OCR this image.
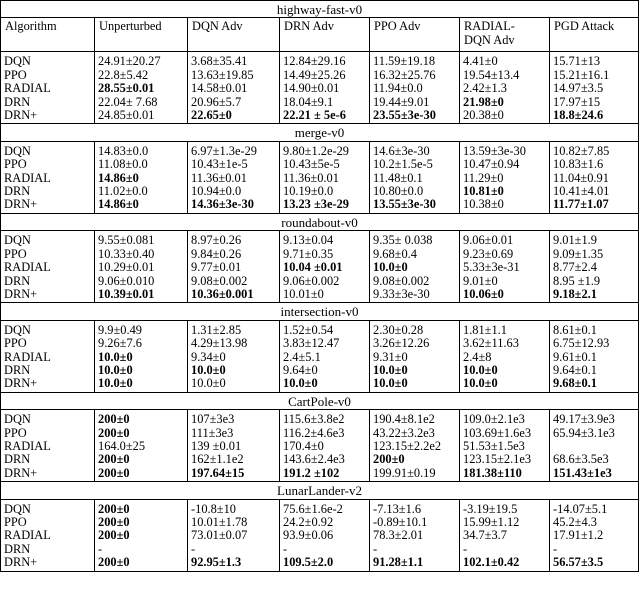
highway-fast-v0						
Algorithm	Unperturbed	DQN Adv	DRN Adv	PPO Adv	RADIAL-
DQN Adv	PGD Attack
DQN	24.91±20.27	3.68±35.41	12.84±29.16	11.59±19.18	4.41±0	15.71±13
PPO	22.8±5.42	13.63±19.85	14.49±25.26	16.32±25.76	19.54±13.4	15.21±16.1
RADIAL	28.55±0.01	14.58±0.01	14.90±0.01	11.94±0.0	2.42±1.3	14.97±3.5
DRN	22.04± 7.68	20.96±5.7	18.04±9.1	19.44±9.01	21.98±0	17.97±15
DRN+	24.85±0.01	22.65±0	22.21 ± 5e-6	23.55±3e-30	20.38±0	18.8±24.6
merge-v0						
DQN	14.83±0.0	6.97±1.3e-29	9.80±1.2e-29	14.6±3e-30	13.59±3e-30	10.82±7.85
PPO	11.08±0.0	10.43±1e-5	10.43±5e-5	10.2±1.5e-5	10.47±0.94	10.83±1.6
RADIAL	14.86±0	11.36±0.01	11.36±0.01	11.48±0.1	11.29±0	11.04±0.91
DRN	11.02±0.0	10.94±0.0	10.19±0.0	10.80±0.0	10.81±0	10.41±4.01
DRN+	14.86±0	14.36±3e-30	13.23 ±3e-29	13.55±3e-30	10.38±0	11.77±1.07
roundabout-v0						
DQN	9.55±0.081	8.97±0.26	9.13±0.04	9.35± 0.038	9.06±0.01	9.01±1.9
PPO	10.33±0.40	9.84±0.26	9.71±0.35	9.68±0.4	9.23±0.69	9.09±1.35
RADIAL	10.29±0.01	9.77±0.01	10.04 ±0.01	10.0±0	5.33±3e-31	8.77±2.4
DRN	9.06±0.010	9.08±0.002	9.06±0.002	9.08±0.002	9.01±0	8.95 ±1.9
DRN+	10.39±0.01	10.36±0.001	10.01±0	9.33±3e-30	10.06±0	9.18±2.1
intersection-v0						
DQN	9.9±0.49	1.31±2.85	1.52±0.54	2.30±0.28	1.81±1.1	8.61±0.1
PPO	9.26±7.6	4.29±13.98	3.83±12.47	3.26±12.26	3.62±11.63	6.75±12.93
RADIAL	10.0±0	9.34±0	2.4±5.1	9.31±0	2.4±8	9.61±0.1
DRN	10.0±0	10.0±0	9.64±0	10.0±0	10.0±0	9.64±0.1
DRN+	10.0±0	10.0±0	10.0±0	10.0±0	10.0±0	9.68±0.1
CartPole-v0						
DQN	200±0	107±3e3	115.6±3.8e2	190.4±8.1e2	109.0±2.1e3	49.17±3.9e3
PPO	200±0	111±3e3	116.2±4.6e3	43.22±3.2e3	103.69±1.6e3	65.94±3.1e3
RADIAL	164.0±25	139 ±0.01	170.4±0	123.15±2.2e2	51.53±1.5e3	
DRN	200±0	162±1.1e2	143.6±2.4e3	200±0	123.15±2.1e3	68.6±3.5e3
DRN+	200±0	197.64±15	191.2 ±102	199.91±0.19	181.38±110	151.43±1e3
LunarLander-v2						
DQN	200±0	-10.8±10	75.6±1.6e-2	-7.13±1.6	-3.19±19.5	-14.07±5.1
PPO	200±0	10.01±1.78	24.2±0.92	-0.89±10.1	15.99±1.12	45.2±4.3
RADIAL	200±0	73.01±0.07	93.9±0.06	78.3±2.01	34.7±3.7	17.91±1.2
DRN	-	-	-	-	-	-
DRN+	200±0	92.95±1.3	109.5±2.0	91.28±1.1	102.1±0.42	56.57±3.5
